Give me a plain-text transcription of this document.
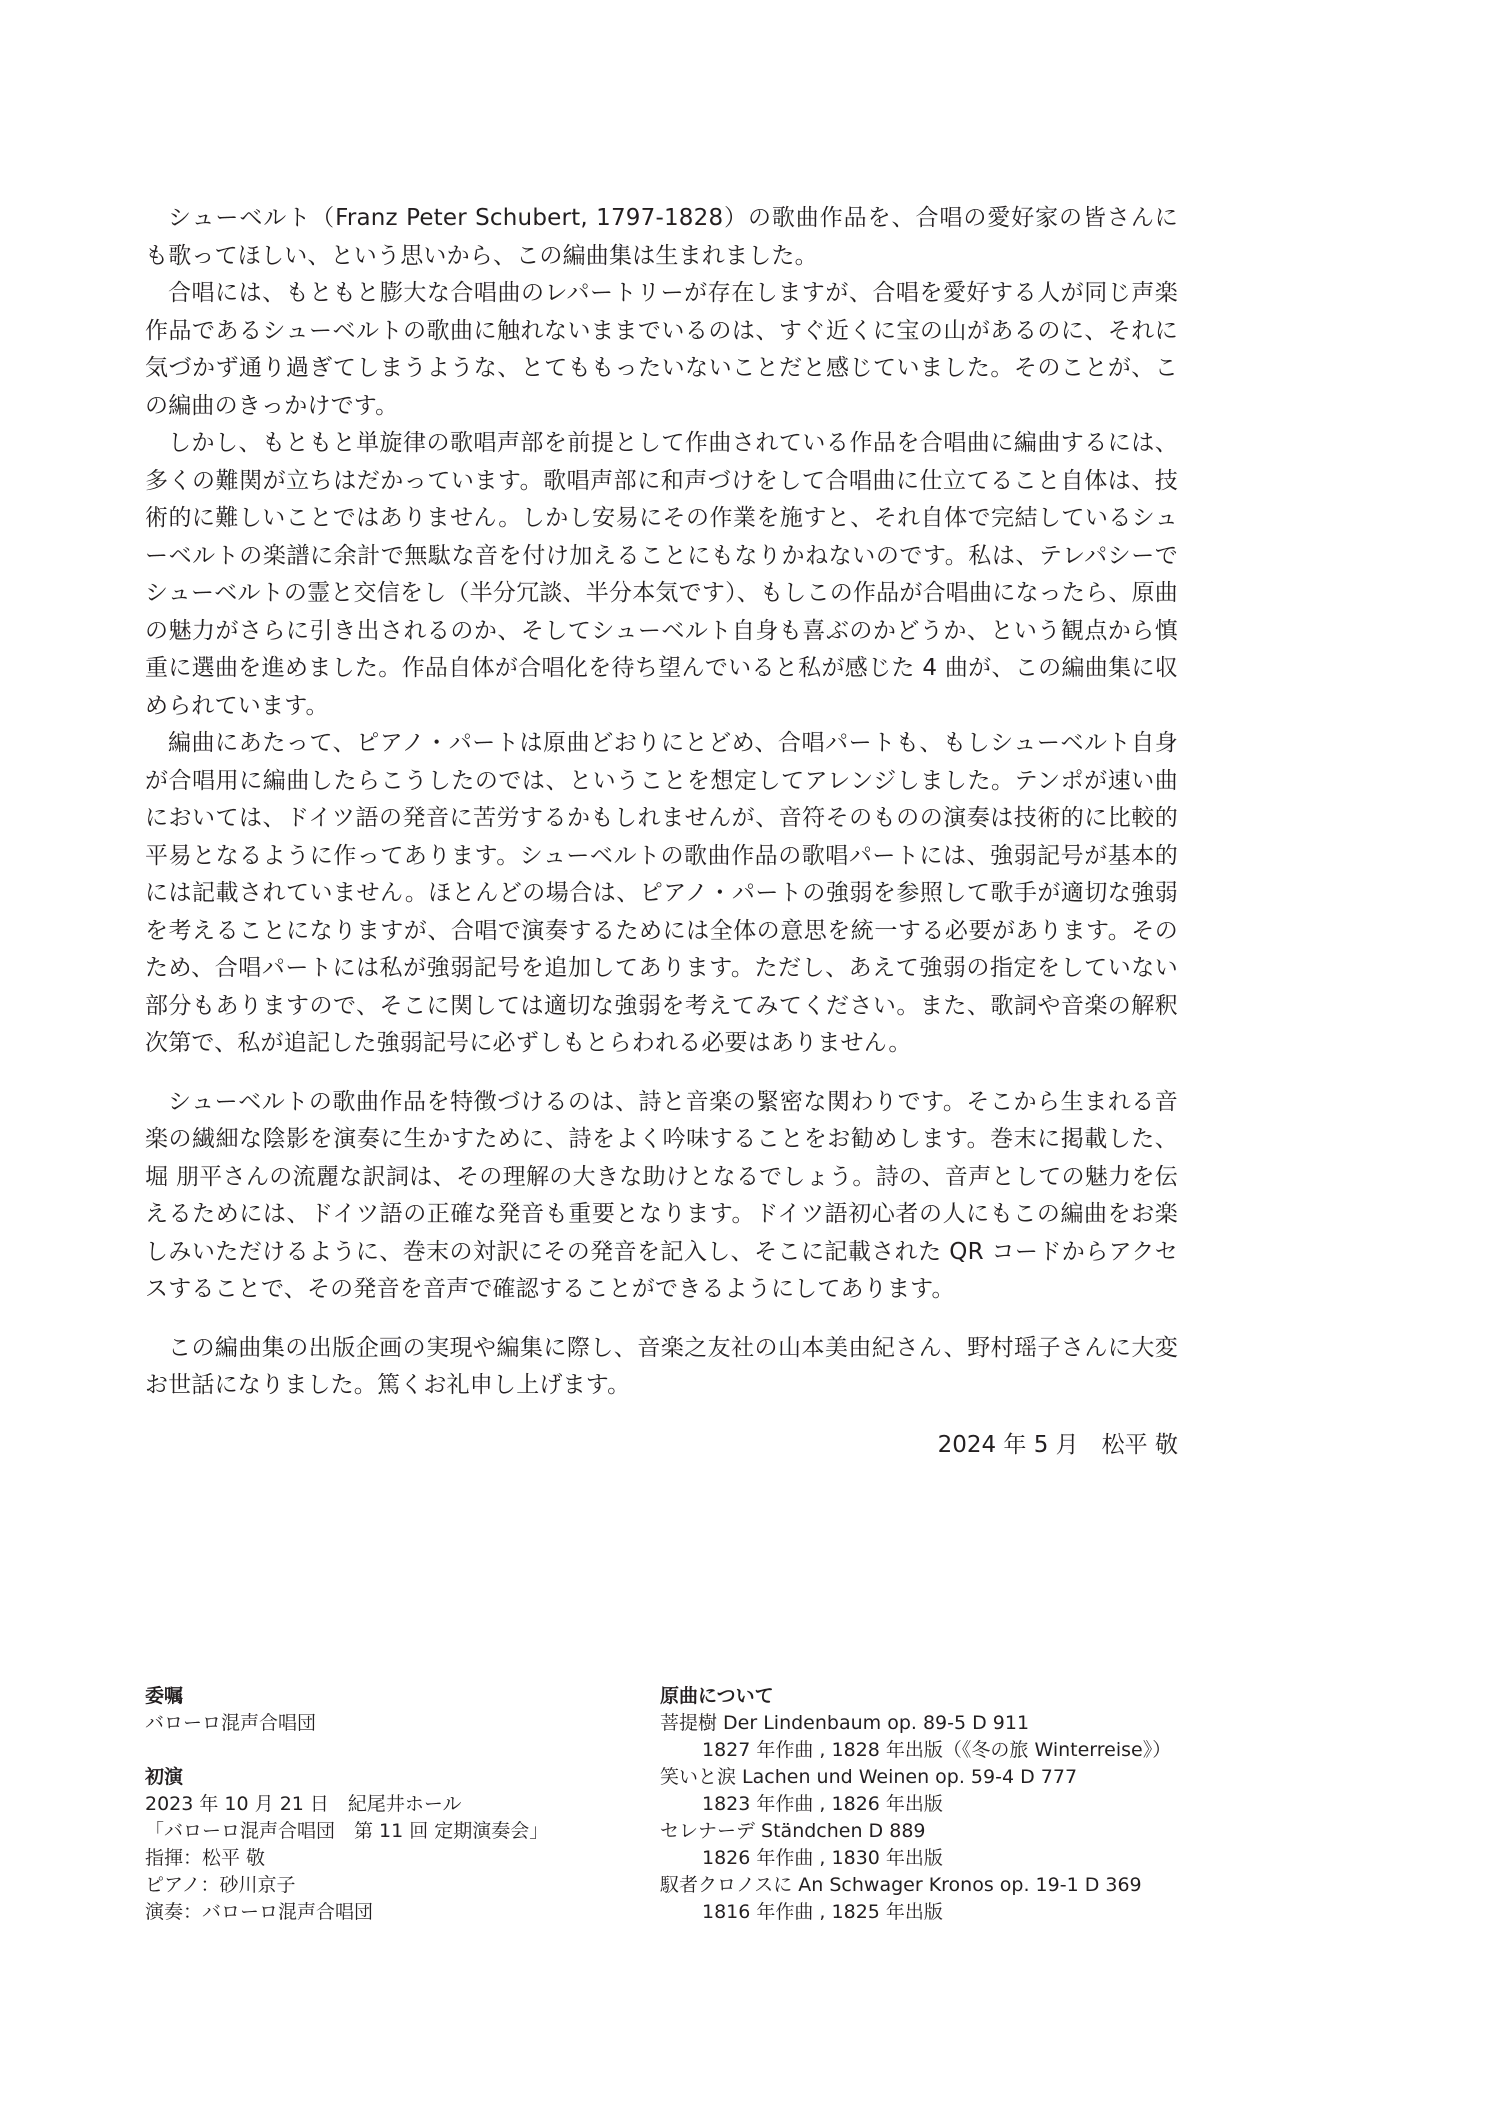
シューベルト（Franz Peter Schubert, 1797-1828）の歌曲作品を、合唱の愛好家の皆さんにも歌ってほしい、という思いから、この編曲集は生まれました。

合唱には、もともと膨大な合唱曲のレパートリーが存在しますが、合唱を愛好する人が同じ声楽作品であるシューベルトの歌曲に触れないままでいるのは、すぐ近くに宝の山があるのに、それに気づかず通り過ぎてしまうような、とてももったいないことだと感じていました。そのことが、この編曲のきっかけです。

しかし、もともと単旋律の歌唱声部を前提として作曲されている作品を合唱曲に編曲するには、多くの難関が立ちはだかっています。歌唱声部に和声づけをして合唱曲に仕立てること自体は、技術的に難しいことではありません。しかし安易にその作業を施すと、それ自体で完結しているシューベルトの楽譜に余計で無駄な音を付け加えることにもなりかねないのです。私は、テレパシーでシューベルトの霊と交信をし（半分冗談、半分本気です）、もしこの作品が合唱曲になったら、原曲の魅力がさらに引き出されるのか、そしてシューベルト自身も喜ぶのかどうか、という観点から慎重に選曲を進めました。作品自体が合唱化を待ち望んでいると私が感じた 4 曲が、この編曲集に収められています。

編曲にあたって、ピアノ・パートは原曲どおりにとどめ、合唱パートも、もしシューベルト自身が合唱用に編曲したらこうしたのでは、ということを想定してアレンジしました。テンポが速い曲においては、ドイツ語の発音に苦労するかもしれませんが、音符そのものの演奏は技術的に比較的平易となるように作ってあります。シューベルトの歌曲作品の歌唱パートには、強弱記号が基本的には記載されていません。ほとんどの場合は、ピアノ・パートの強弱を参照して歌手が適切な強弱を考えることになりますが、合唱で演奏するためには全体の意思を統一する必要があります。そのため、合唱パートには私が強弱記号を追加してあります。ただし、あえて強弱の指定をしていない部分もありますので、そこに関しては適切な強弱を考えてみてください。また、歌詞や音楽の解釈次第で、私が追記した強弱記号に必ずしもとらわれる必要はありません。

シューベルトの歌曲作品を特徴づけるのは、詩と音楽の緊密な関わりです。そこから生まれる音楽の繊細な陰影を演奏に生かすために、詩をよく吟味することをお勧めします。巻末に掲載した、堀 朋平さんの流麗な訳詞は、その理解の大きな助けとなるでしょう。詩の、音声としての魅力を伝えるためには、ドイツ語の正確な発音も重要となります。ドイツ語初心者の人にもこの編曲をお楽しみいただけるように、巻末の対訳にその発音を記入し、そこに記載された QR コードからアクセスすることで、その発音を音声で確認することができるようにしてあります。

この編曲集の出版企画の実現や編集に際し、音楽之友社の山本美由紀さん、野村瑶子さんに大変お世話になりました。篤くお礼申し上げます。

2024 年 5 月　松平 敬

委嘱

バローロ混声合唱団

初演

2023 年 10 月 21 日　紀尾井ホール

「バローロ混声合唱団　第 11 回 定期演奏会」

指揮：松平 敬

ピアノ：砂川京子

演奏：バローロ混声合唱団

原曲について

菩提樹 Der Lindenbaum op. 89-5 D 911

1827 年作曲 , 1828 年出版（《冬の旅 Winterreise》）

笑いと涙 Lachen und Weinen op. 59-4 D 777

1823 年作曲 , 1826 年出版

セレナーデ Ständchen D 889

1826 年作曲 , 1830 年出版

馭者クロノスに An Schwager Kronos op. 19-1 D 369

1816 年作曲 , 1825 年出版
